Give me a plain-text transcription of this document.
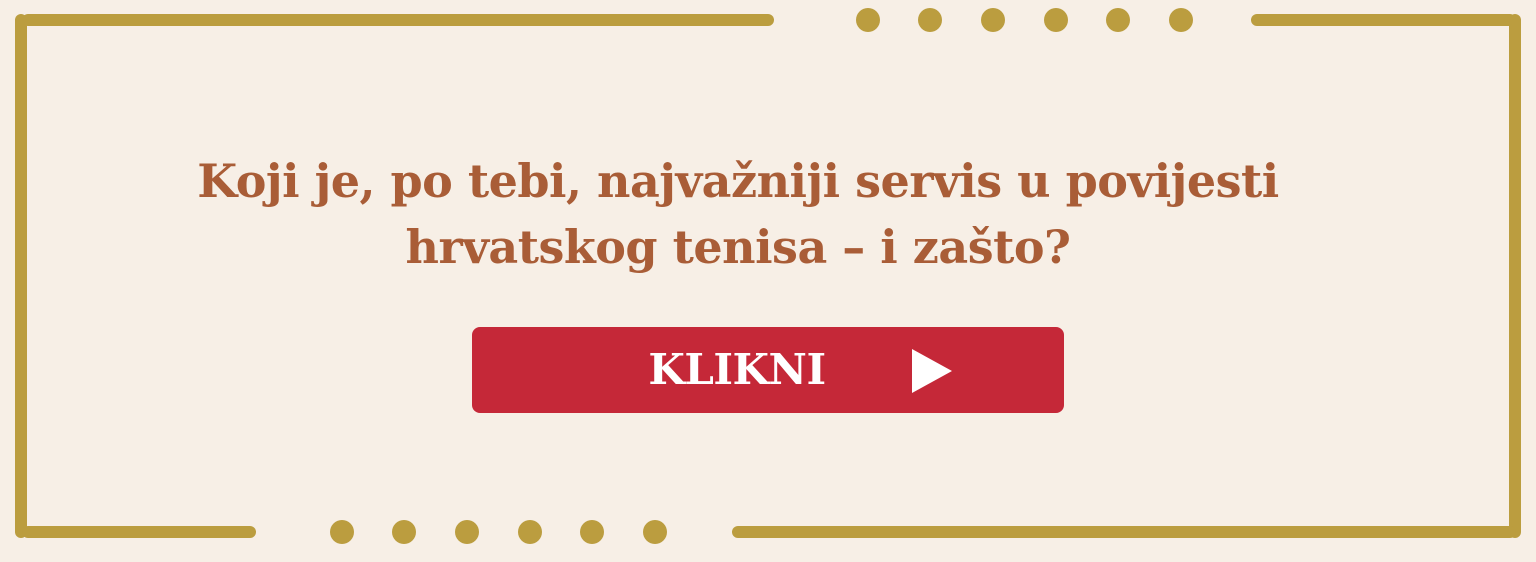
Koji je, po tebi, najvažniji servis u povijesti
hrvatskog tenisa – i zašto?
KLIKNI
